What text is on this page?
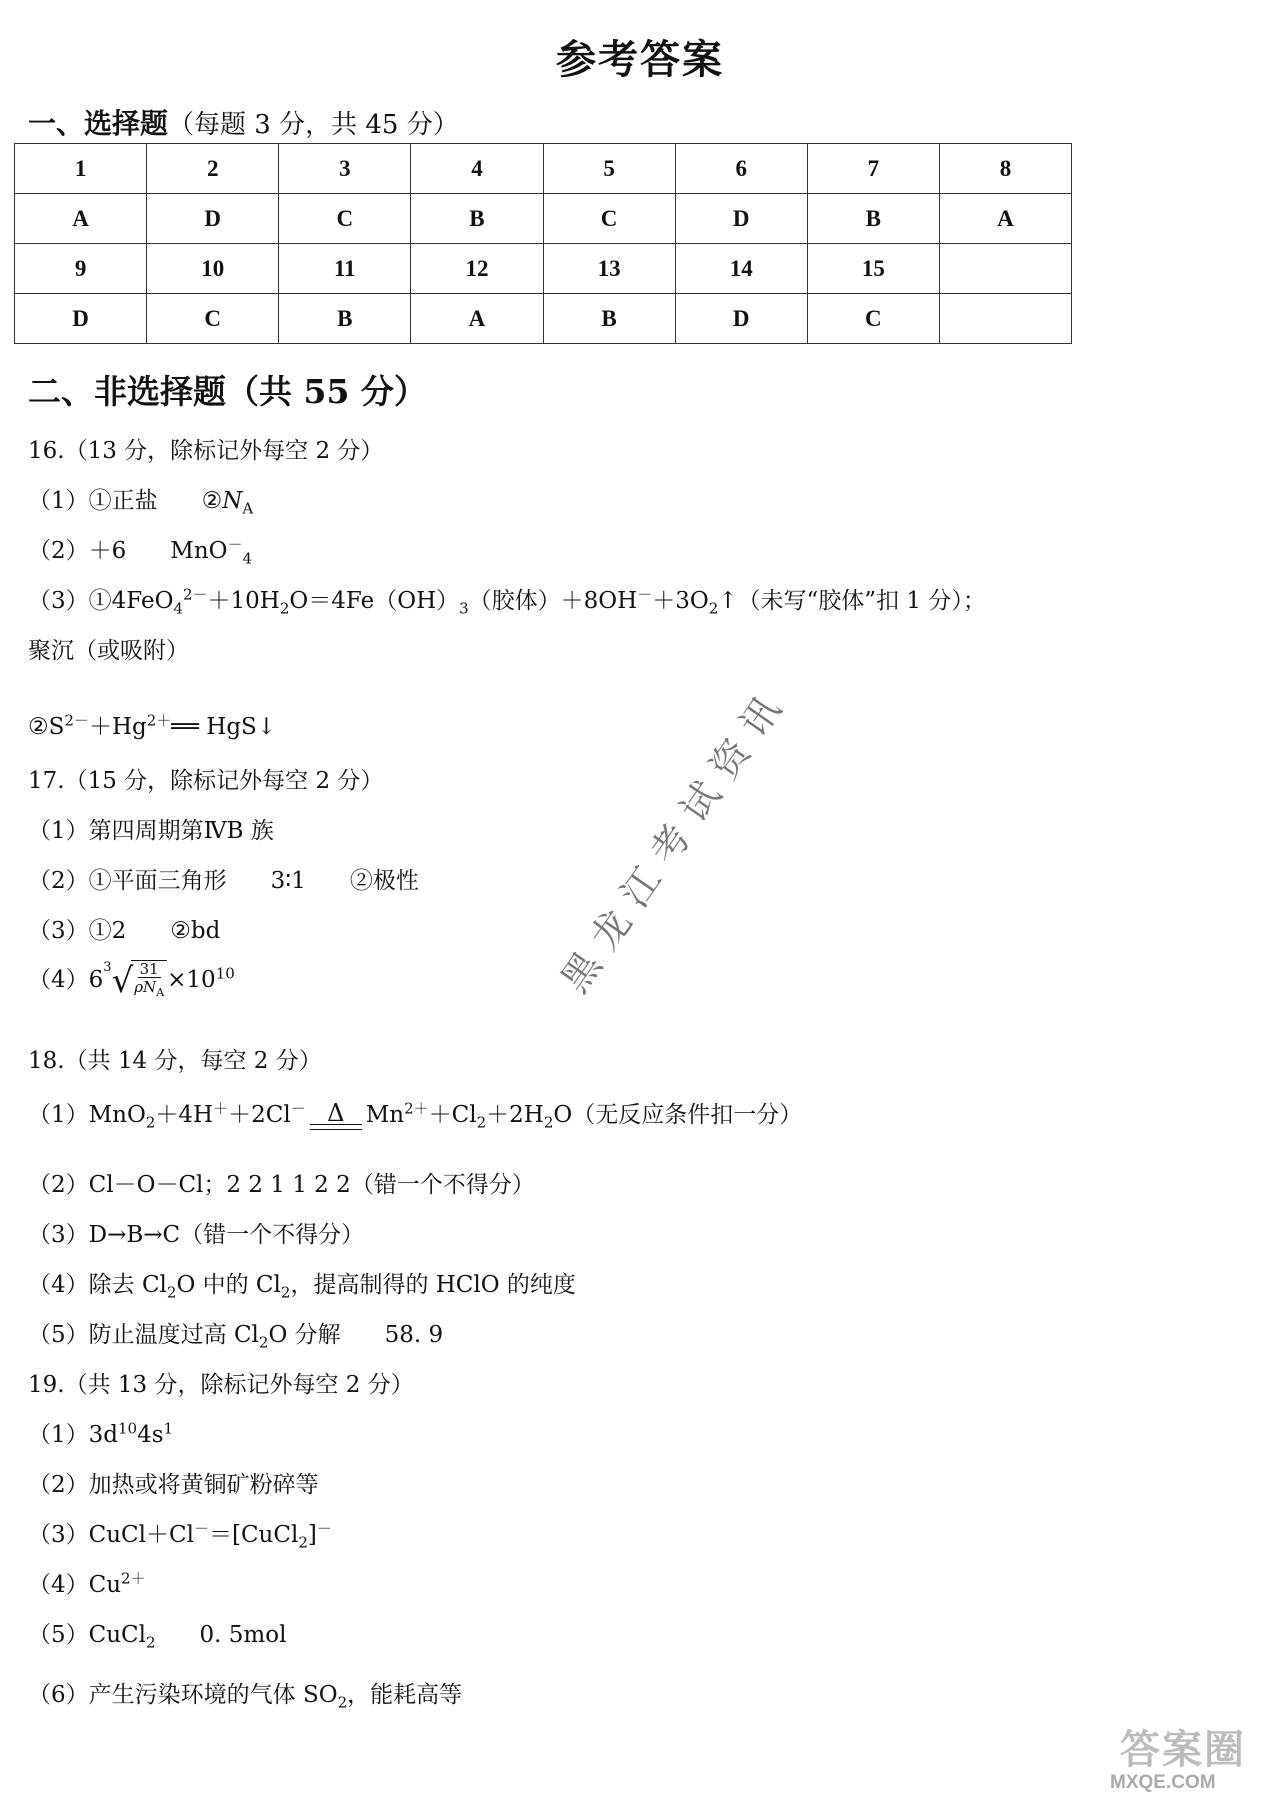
参考答案
一、选择题（每题 3 分，共 45 分）
1	2	3	4	5	6	7	8
A	D	C	B	C	D	B	A
9	10	11	12	13	14	15	
D	C	B	A	B	D	C	
二、非选择题（共 55 分）
16.（13 分，除标记外每空 2 分）
（1）①正盐 $②N_A$
（2）＋6 MnO－$_4$
$(3)①4FeO_4^{2-}+10H_2O=4Fe(OH)_3$（胶体）$+8OH^-+3O_2↑$（未写“胶体”扣 1 分）；
聚沉（或吸附）
$②S^{2-}+Hg^{2+}══$ HgS↓
17.（15 分，除标记外每空 2 分）
（1）第四周期第ⅣB 族
（2）①平面三角形 3∶1 ②极性
（3）①2 ②bd
（4）6 3 √
$\frac{31}{\rho N_A} \times 10^{10}$
18.（共 14 分，每空 2 分）
（1）MnO$_2$＋4H＋＋2Cl－ Δ $Mn^{2+}+Cl_2+2H_2O$（无反应条件扣一分）
（2）Cl－O－Cl；2 2 1 1 2 2（错一个不得分）
（3）D→B→C（错一个不得分）
（4）除去 $Cl_2O$ 中的 $Cl_2$，提高制得的 HClO 的纯度
（5）防止温度过高 $Cl_2O$ 分解 58. 9
19.（共 13 分，除标记外每空 2 分）
$(1)3d^{10}4s^1$
（2）加热或将黄铜矿粉碎等
（3）CuCl＋Cl－＝[CuCl$_2$]－
$(4)Cu^{2+}$
（5）CuCl$_2$ 0. 5mol
（6）产生污染环境的气体 $SO_2$，能耗高等
黑龙江考试资讯
答案圈
MXQE.COM
